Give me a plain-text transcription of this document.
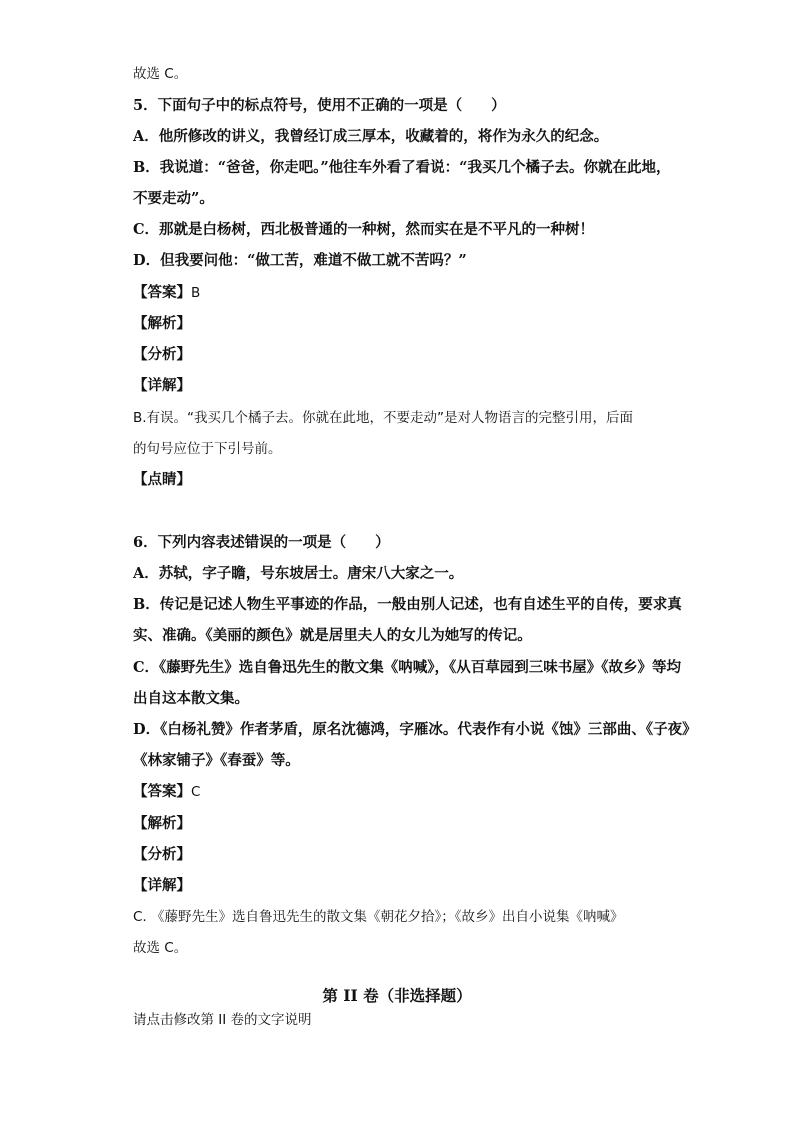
故选 C。
5．下面句子中的标点符号，使用不正确的一项是（　　）
A．他所修改的讲义，我曾经订成三厚本，收藏着的，将作为永久的纪念。
B．我说道：“爸爸，你走吧。”他往车外看了看说：“我买几个橘子去。你就在此地，
不要走动”。
C．那就是白杨树，西北极普通的一种树，然而实在是不平凡的一种树！
D．但我要问他：“做工苦，难道不做工就不苦吗？”
【答案】B
【解析】
【分析】
【详解】
B.有误。“我买几个橘子去。你就在此地，不要走动”是对人物语言的完整引用，后面
的句号应位于下引号前。
【点睛】
6．下列内容表述错误的一项是（　　）
A．苏轼，字子瞻，号东坡居士。唐宋八大家之一。
B．传记是记述人物生平事迹的作品，一般由别人记述，也有自述生平的自传，要求真
实、准确。《美丽的颜色》就是居里夫人的女儿为她写的传记。
C．《藤野先生》选自鲁迅先生的散文集《呐喊》，《从百草园到三味书屋》《故乡》等均
出自这本散文集。
D．《白杨礼赞》作者茅盾，原名沈德鸿，字雁冰。代表作有小说《蚀》三部曲、《子夜》
《林家铺子》《春蚕》等。
【答案】C
【解析】
【分析】
【详解】
C. 《藤野先生》选自鲁迅先生的散文集《朝花夕拾》；《故乡》出自小说集《呐喊》
故选 C。
第 II 卷（非选择题）
请点击修改第 II 卷的文字说明
